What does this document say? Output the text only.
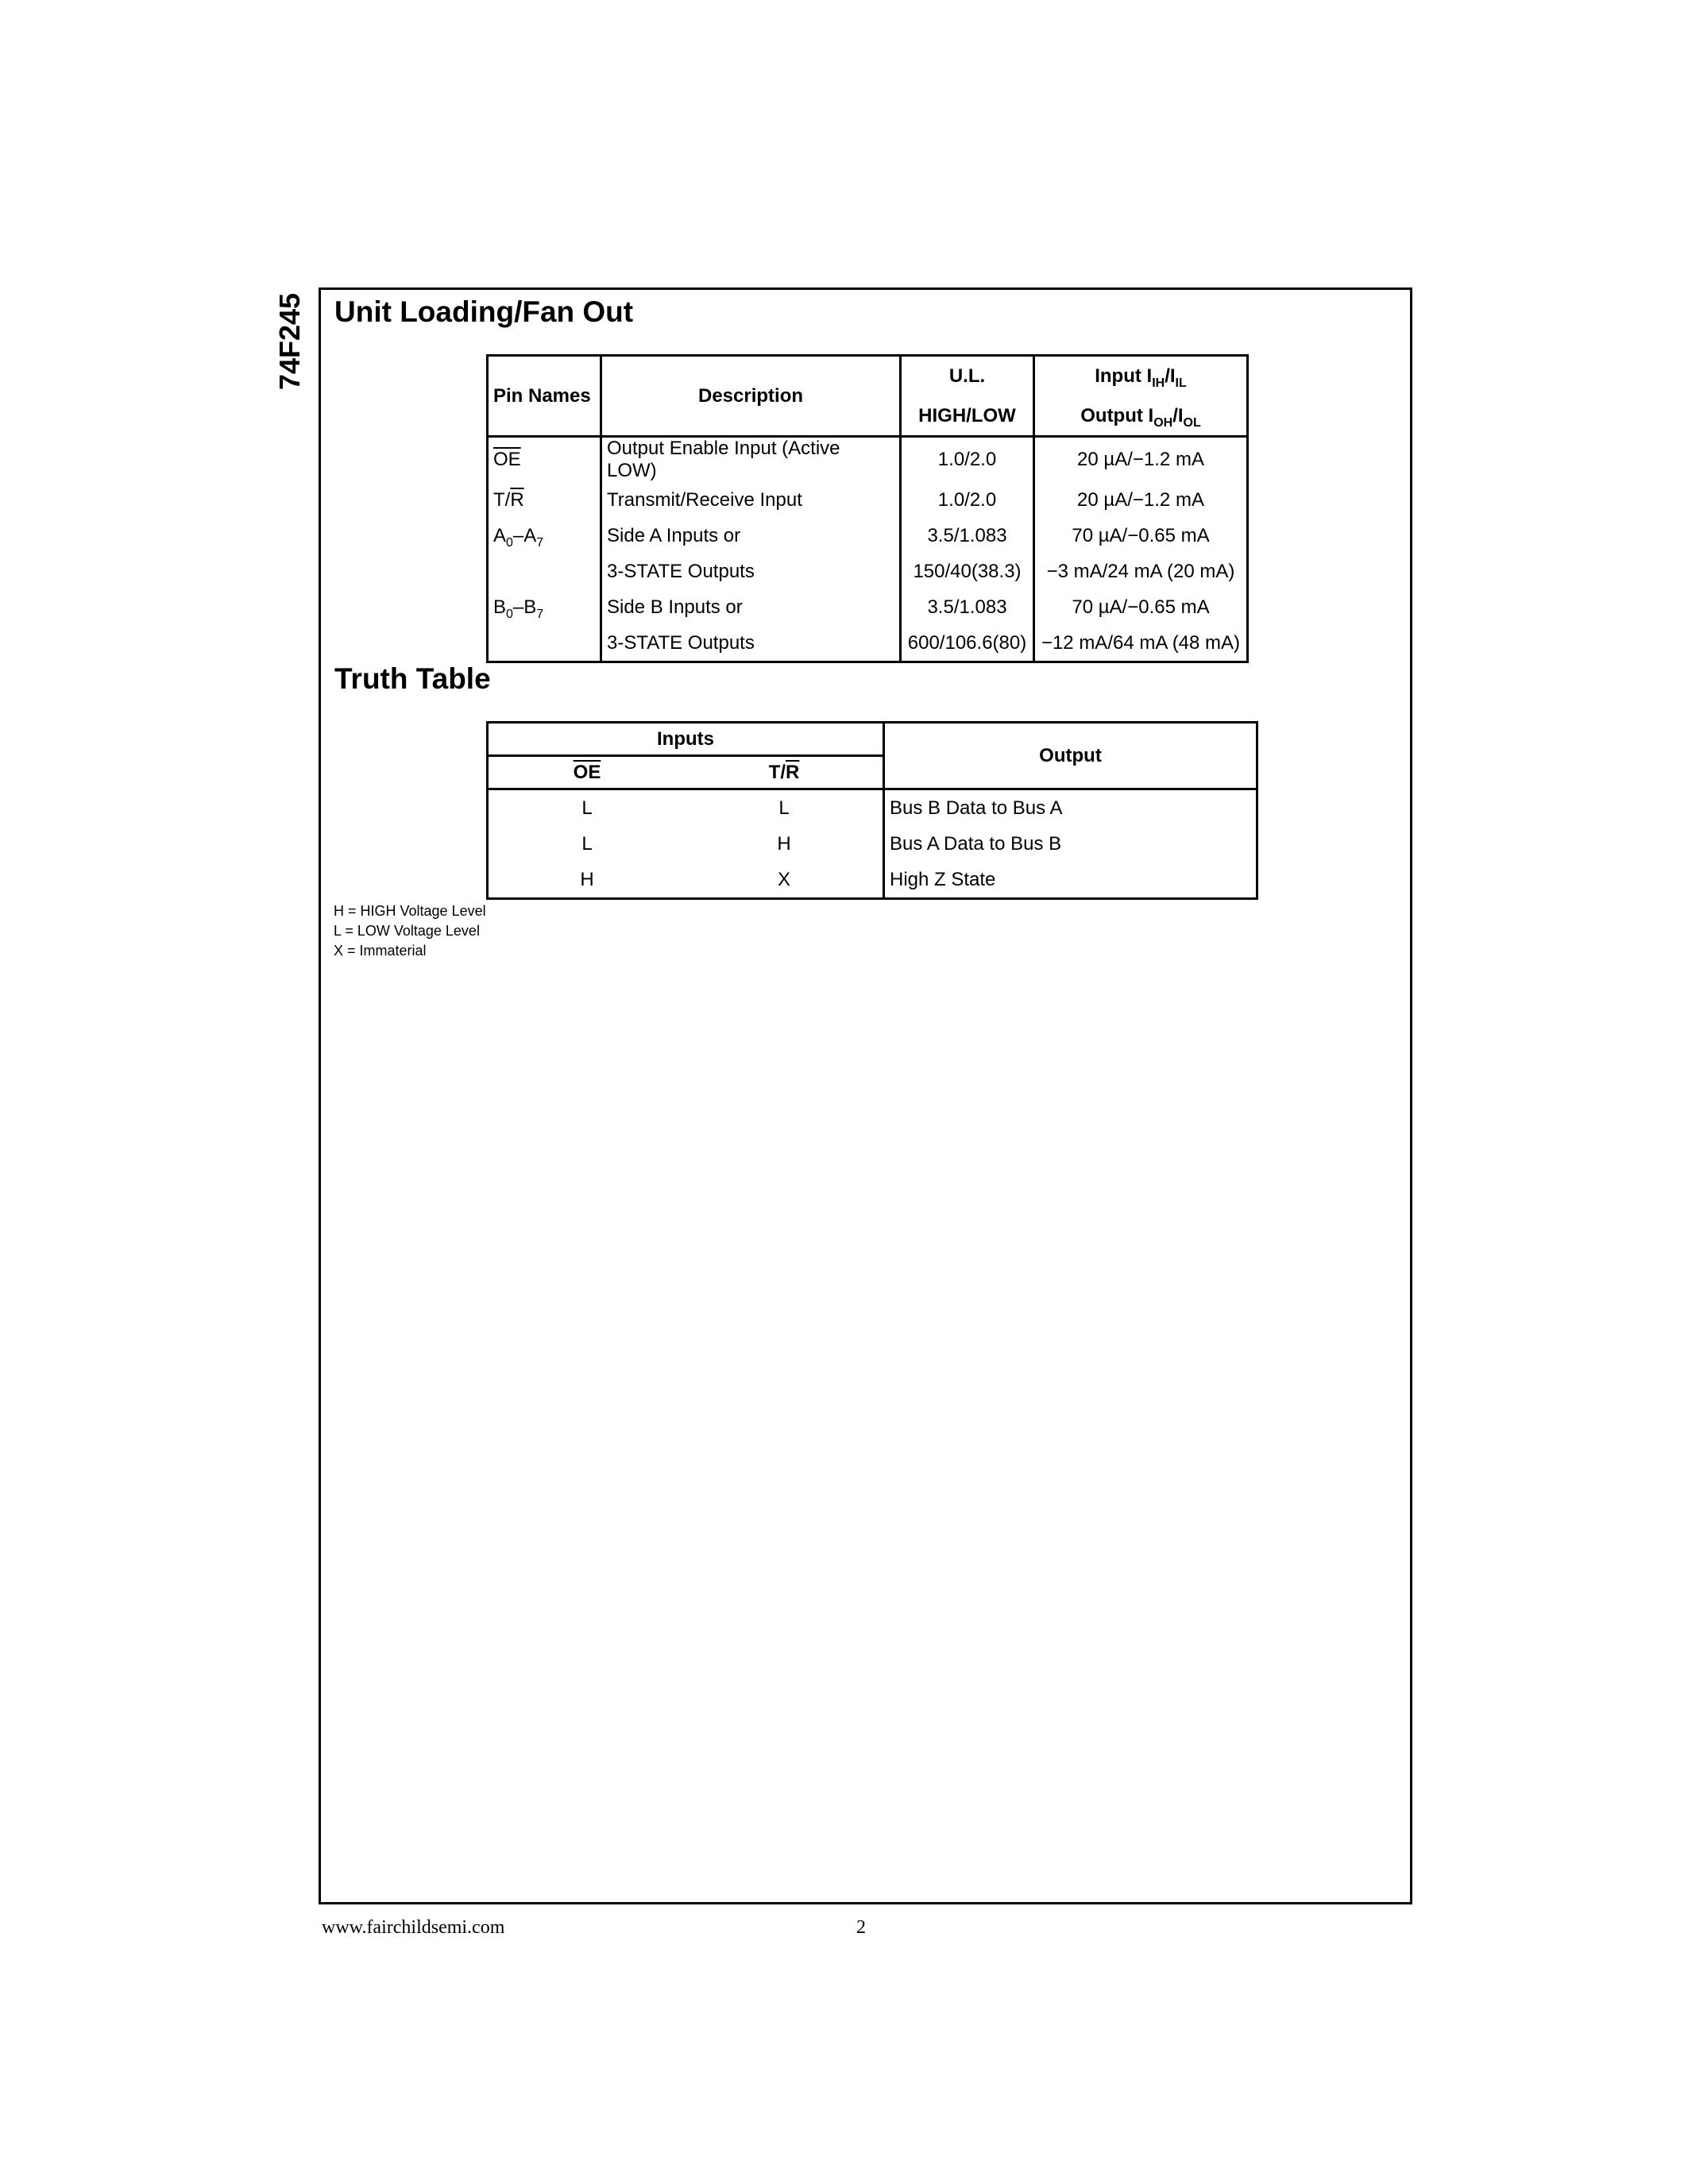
74F245 Unit Loading/Fan Out
Pin Names	Description	U.L.	Input $I_{IH}/I_{IL}$
		HIGH/LOW	Output $I_{OH}/I_{OL}$
$\overline{OE}$	Output Enable Input (Active LOW)	1.0/2.0	20 µA/−1.2 mA
$T/\overline{R}$	Transmit/Receive Input	1.0/2.0	20 µA/−1.2 mA
$A_0-A_7$	Side A Inputs or	3.5/1.083	70 µA/−0.65 mA
	3-STATE Outputs	150/40(38.3)	−3 mA/24 mA (20 mA)
$B_0-B_7$	Side B Inputs or	3.5/1.083	70 µA/−0.65 mA
	3-STATE Outputs	600/106.6(80)	−12 mA/64 mA (48 mA)
Truth Table
Inputs		Output
$\overline{OE}$	$T/\overline{R}$
L	L	Bus B Data to Bus A
L	H	Bus A Data to Bus B
H	X	High Z State
H = HIGH Voltage Level
L = LOW Voltage Level
X = Immaterial
www.fairchildsemi.com	2
